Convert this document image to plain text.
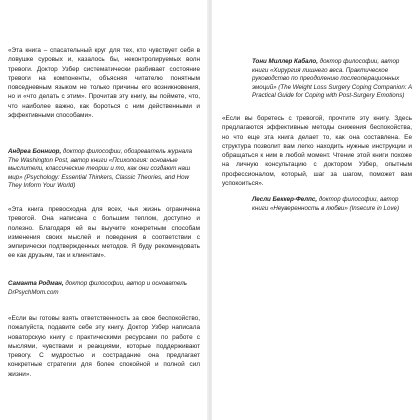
«Эта книга – спасательный круг для тех, кто чувствует себя в ловушке суровых и, казалось бы, неконтролируемых волн тревоги. Доктор Узбер систематически разбивает состояние тревоги на компоненты, объясняя читателю понятным повседневным языком не только причины его возникновения, но и «что делать с этим». Прочитав эту книгу, вы поймете, что, что наиболее важно, как бороться с ним действенными и эффективными способами».

Андреа Бонниор, доктор философии, обозреватель журнала The Washington Post, автор книги «Психология: основные мыслители, классические теории и то, как они создают наш мир» (Psychology: Essential Thinkers, Classic Theories, and How They Inform Your World)

«Эта книга превосходна для всех, чья жизнь ограничена тревогой. Она написана с большим теплом, доступно и полезно. Благодаря ей вы выучите конкретным способам изменения своих мыслей и поведения в соответствии с эмпирически подтвержденных методов. Я буду рекомендовать ее как друзьям, так и клиентам».

Саманта Родман, доктор философии, автор и основатель DrPsychMom.com

«Если вы готовы взять ответственность за свое беспокойство, пожалуйста, подавите себе эту книгу. Доктор Узбер написала новаторскую книгу с практическими ресурсами по работе с мыслями, чувствами и реакциями, которые поддерживают тревогу. С мудростью и сострадание она предлагает конкретные стратегии для более спокойной и полной сил жизни».

Тони Миллер Кабало, доктор философии, автор книги «Хирургия лишнего веса. Практическое руководство по преодолению послеоперационных эмоций» (The Weight Loss Surgery Coping Companion: A Practical Guide for Coping with Post-Surgery Emotions)

«Если вы боретесь с тревогой, прочтите эту книгу. Здесь предлагаются эффективные методы снижения беспокойства, но что еще эта книга делает то, как она составлена. Ее структура позволит вам легко находить нужные инструкции и обращаться к ним в любой момент. Чтение этой книги похоже на личную консультацию с доктором Узбер, опытным профессионалом, который, шаг за шагом, поможет вам успокоиться».

Лесли Беккер-Фелпс, доктор философии, автор книги «Неуверенность в любви» (Insecure in Love)
